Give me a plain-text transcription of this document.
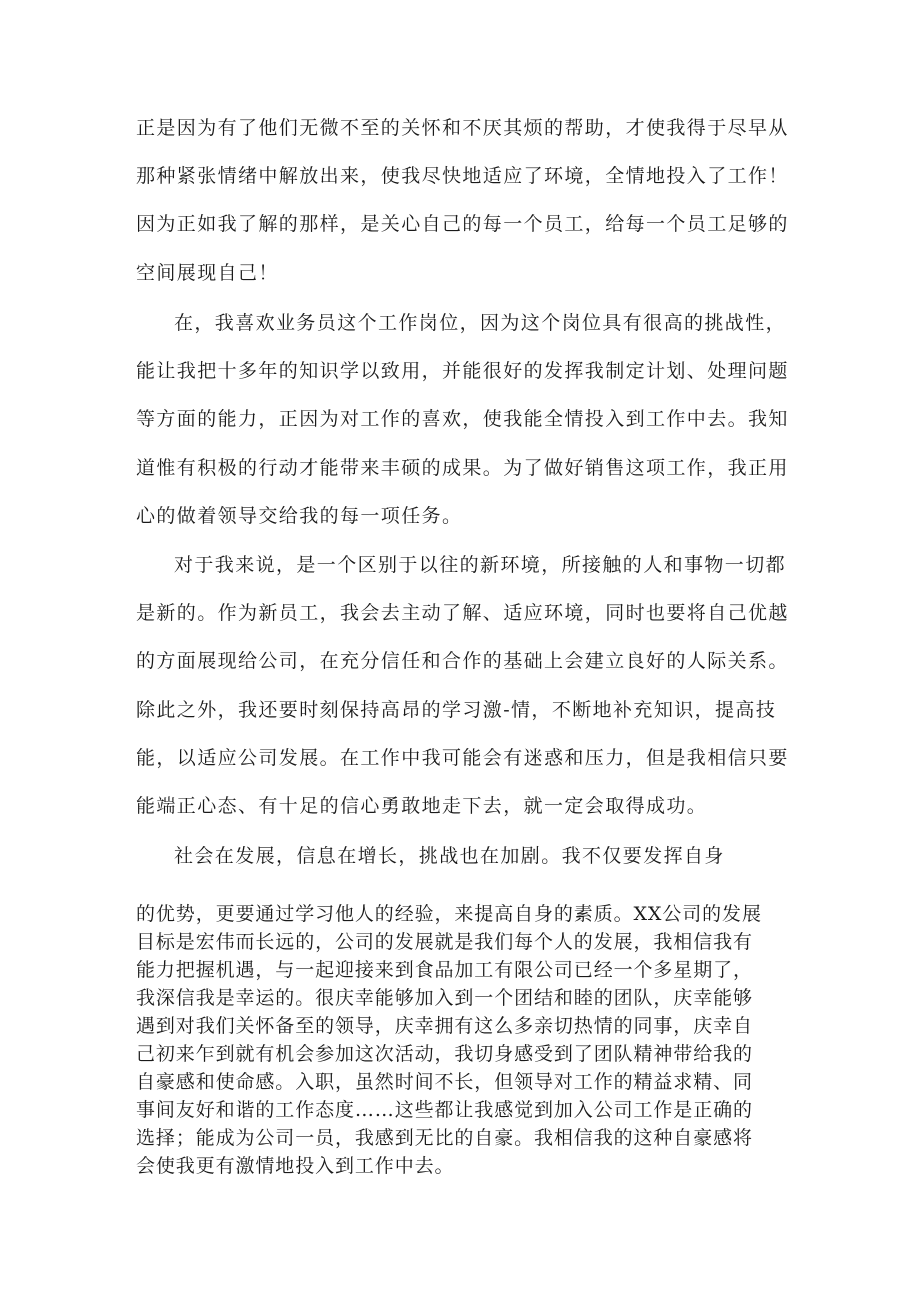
正是因为有了他们无微不至的关怀和不厌其烦的帮助，才使我得于尽早从
那种紧张情绪中解放出来，使我尽快地适应了环境，全情地投入了工作！
因为正如我了解的那样，是关心自己的每一个员工，给每一个员工足够的
空间展现自己！
在，我喜欢业务员这个工作岗位，因为这个岗位具有很高的挑战性，
能让我把十多年的知识学以致用，并能很好的发挥我制定计划、处理问题
等方面的能力，正因为对工作的喜欢，使我能全情投入到工作中去。我知
道惟有积极的行动才能带来丰硕的成果。为了做好销售这项工作，我正用
心的做着领导交给我的每一项任务。
对于我来说，是一个区别于以往的新环境，所接触的人和事物一切都
是新的。作为新员工，我会去主动了解、适应环境，同时也要将自己优越
的方面展现给公司，在充分信任和合作的基础上会建立良好的人际关系。
除此之外，我还要时刻保持高昂的学习激-情，不断地补充知识，提高技
能，以适应公司发展。在工作中我可能会有迷惑和压力，但是我相信只要
能端正心态、有十足的信心勇敢地走下去，就一定会取得成功。
社会在发展，信息在增长，挑战也在加剧。我不仅要发挥自身
的优势，更要通过学习他人的经验，来提高自身的素质。XX公司的发展
目标是宏伟而长远的，公司的发展就是我们每个人的发展，我相信我有
能力把握机遇，与一起迎接来到食品加工有限公司已经一个多星期了，
我深信我是幸运的。很庆幸能够加入到一个团结和睦的团队，庆幸能够
遇到对我们关怀备至的领导，庆幸拥有这么多亲切热情的同事，庆幸自
己初来乍到就有机会参加这次活动，我切身感受到了团队精神带给我的
自豪感和使命感。入职，虽然时间不长，但领导对工作的精益求精、同
事间友好和谐的工作态度……这些都让我感觉到加入公司工作是正确的
选择；能成为公司一员，我感到无比的自豪。我相信我的这种自豪感将
会使我更有激情地投入到工作中去。
